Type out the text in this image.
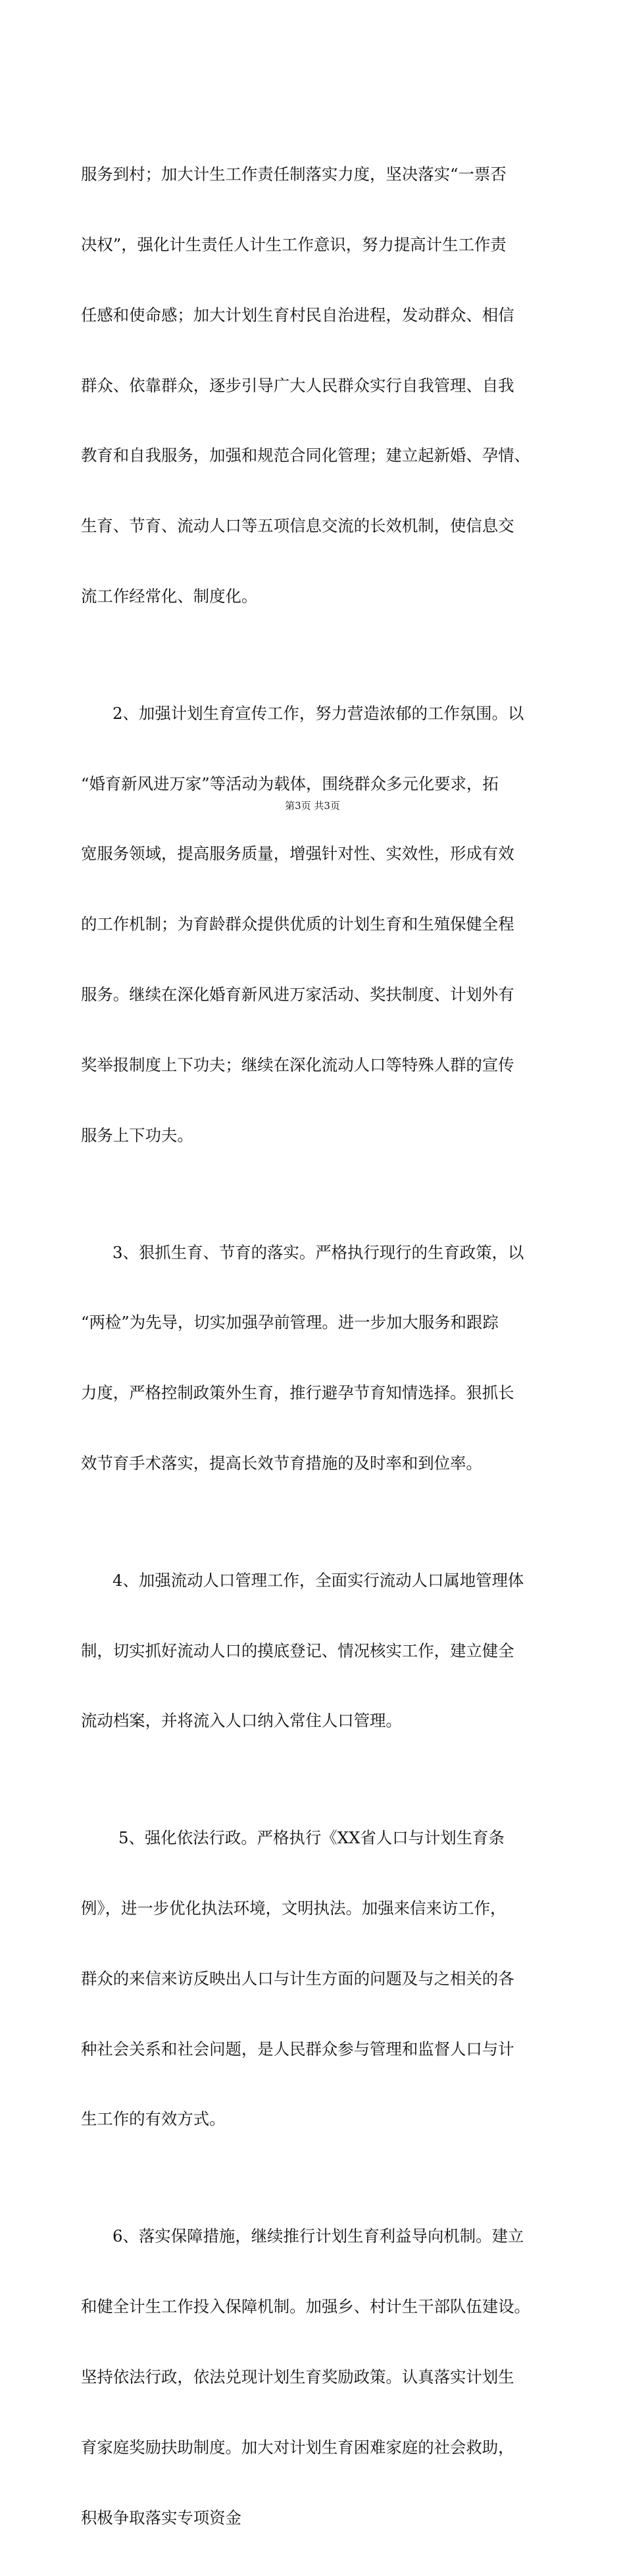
服务到村；加大计生工作责任制落实力度，坚决落实“一票否

决权”，强化计生责任人计生工作意识，努力提高计生工作责

任感和使命感；加大计划生育村民自治进程，发动群众、相信

群众、依靠群众，逐步引导广大人民群众实行自我管理、自我

教育和自我服务，加强和规范合同化管理；建立起新婚、孕情、

生育、节育、流动人口等五项信息交流的长效机制，使信息交

流工作经常化、制度化。

2、加强计划生育宣传工作，努力营造浓郁的工作氛围。以

“婚育新风进万家”等活动为载体，围绕群众多元化要求，拓

宽服务领域，提高服务质量，增强针对性、实效性，形成有效

的工作机制；为育龄群众提供优质的计划生育和生殖保健全程

服务。继续在深化婚育新风进万家活动、奖扶制度、计划外有

奖举报制度上下功夫；继续在深化流动人口等特殊人群的宣传

服务上下功夫。

3、狠抓生育、节育的落实。严格执行现行的生育政策，以

“两检”为先导，切实加强孕前管理。进一步加大服务和跟踪

力度，严格控制政策外生育，推行避孕节育知情选择。狠抓长

效节育手术落实，提高长效节育措施的及时率和到位率。

4、加强流动人口管理工作，全面实行流动人口属地管理体

制，切实抓好流动人口的摸底登记、情况核实工作，建立健全

流动档案，并将流入人口纳入常住人口管理。

5、强化依法行政。严格执行《XX省人口与计划生育条

例》，进一步优化执法环境，文明执法。加强来信来访工作，

群众的来信来访反映出人口与计生方面的问题及与之相关的各

种社会关系和社会问题，是人民群众参与管理和监督人口与计

生工作的有效方式。

6、落实保障措施，继续推行计划生育利益导向机制。建立

和健全计生工作投入保障机制。加强乡、村计生干部队伍建设。

坚持依法行政，依法兑现计划生育奖励政策。认真落实计划生

育家庭奖励扶助制度。加大对计划生育困难家庭的社会救助，

积极争取落实专项资金

第3页 共3页
